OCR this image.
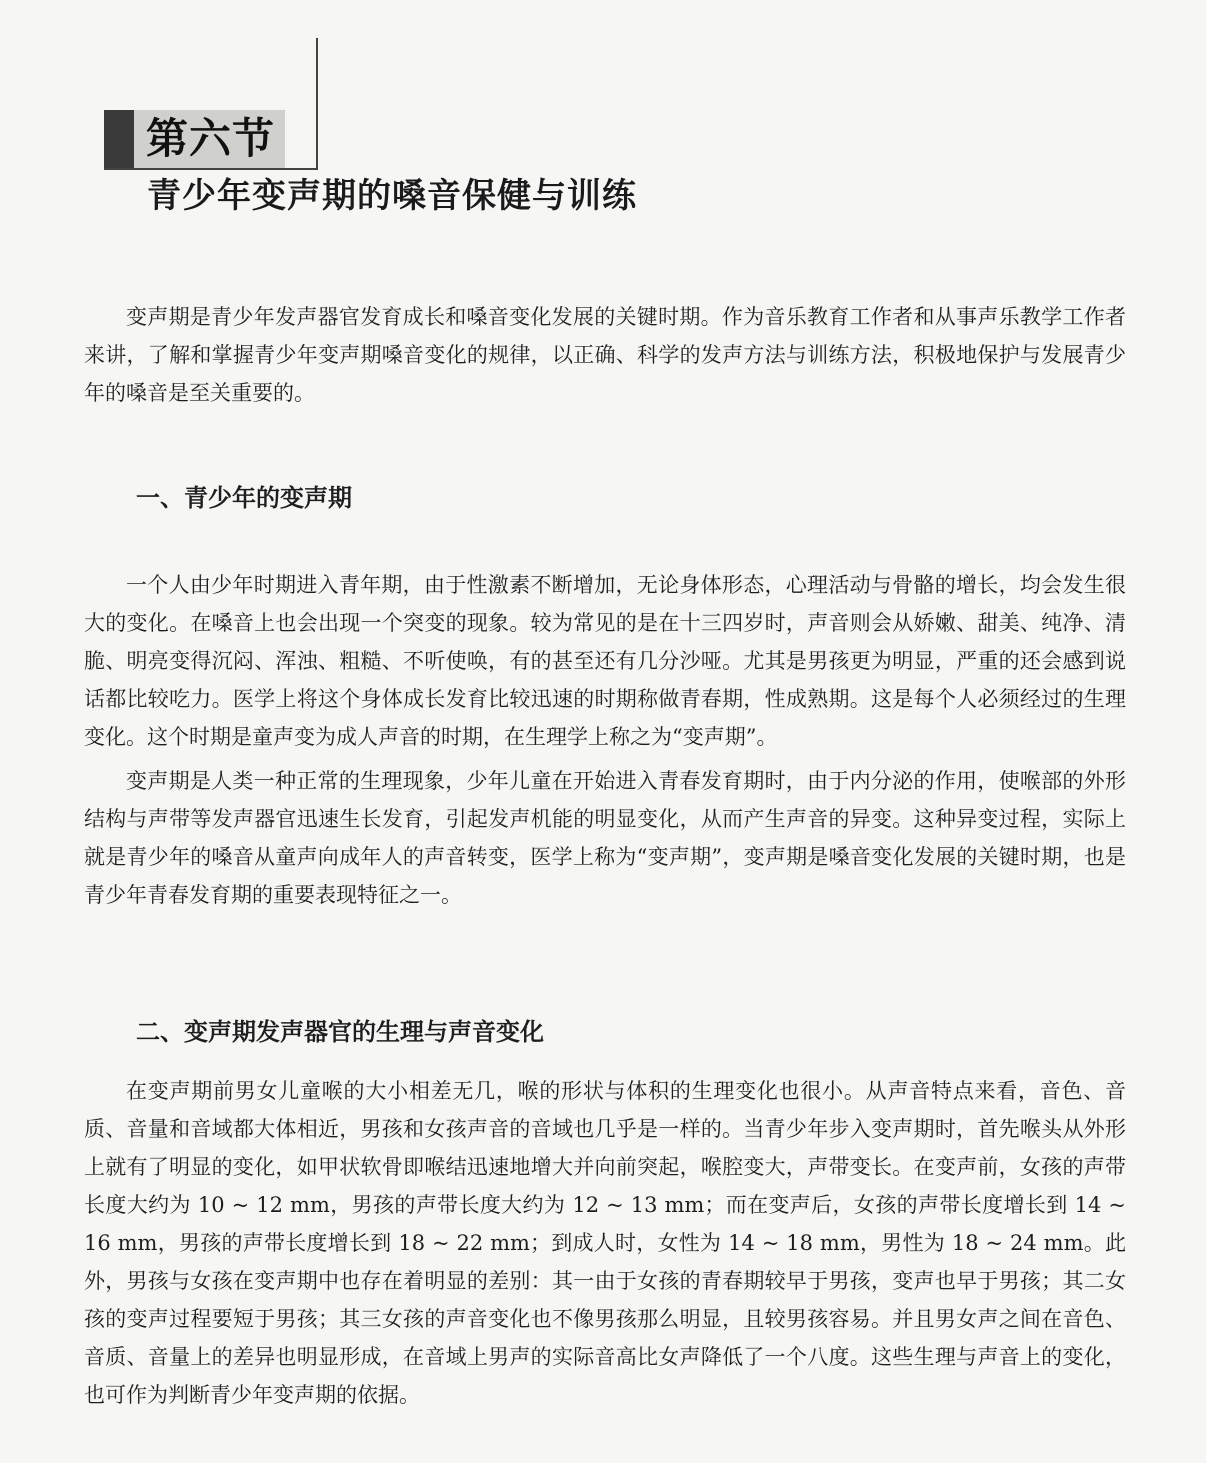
第六节
青少年变声期的嗓音保健与训练

变声期是青少年发声器官发育成长和嗓音变化发展的关键时期。作为音乐教育工作者和从事声乐教学工作者来讲，了解和掌握青少年变声期嗓音变化的规律，以正确、科学的发声方法与训练方法，积极地保护与发展青少年的嗓音是至关重要的。

一、青少年的变声期

一个人由少年时期进入青年期，由于性激素不断增加，无论身体形态，心理活动与骨骼的增长，均会发生很大的变化。在嗓音上也会出现一个突变的现象。较为常见的是在十三四岁时，声音则会从娇嫩、甜美、纯净、清脆、明亮变得沉闷、浑浊、粗糙、不听使唤，有的甚至还有几分沙哑。尤其是男孩更为明显，严重的还会感到说话都比较吃力。医学上将这个身体成长发育比较迅速的时期称做青春期，性成熟期。这是每个人必须经过的生理变化。这个时期是童声变为成人声音的时期，在生理学上称之为“变声期”。

变声期是人类一种正常的生理现象，少年儿童在开始进入青春发育期时，由于内分泌的作用，使喉部的外形结构与声带等发声器官迅速生长发育，引起发声机能的明显变化，从而产生声音的异变。这种异变过程，实际上就是青少年的嗓音从童声向成年人的声音转变，医学上称为“变声期”，变声期是嗓音变化发展的关键时期，也是青少年青春发育期的重要表现特征之一。

二、变声期发声器官的生理与声音变化

在变声期前男女儿童喉的大小相差无几，喉的形状与体积的生理变化也很小。从声音特点来看，音色、音质、音量和音域都大体相近，男孩和女孩声音的音域也几乎是一样的。当青少年步入变声期时，首先喉头从外形上就有了明显的变化，如甲状软骨即喉结迅速地增大并向前突起，喉腔变大，声带变长。在变声前，女孩的声带长度大约为 10 ~ 12 mm，男孩的声带长度大约为 12 ~ 13 mm；而在变声后，女孩的声带长度增长到 14 ~ 16 mm，男孩的声带长度增长到 18 ~ 22 mm；到成人时，女性为 14 ~ 18 mm，男性为 18 ~ 24 mm。此外，男孩与女孩在变声期中也存在着明显的差别：其一由于女孩的青春期较早于男孩，变声也早于男孩；其二女孩的变声过程要短于男孩；其三女孩的声音变化也不像男孩那么明显，且较男孩容易。并且男女声之间在音色、音质、音量上的差异也明显形成，在音域上男声的实际音高比女声降低了一个八度。这些生理与声音上的变化，也可作为判断青少年变声期的依据。
